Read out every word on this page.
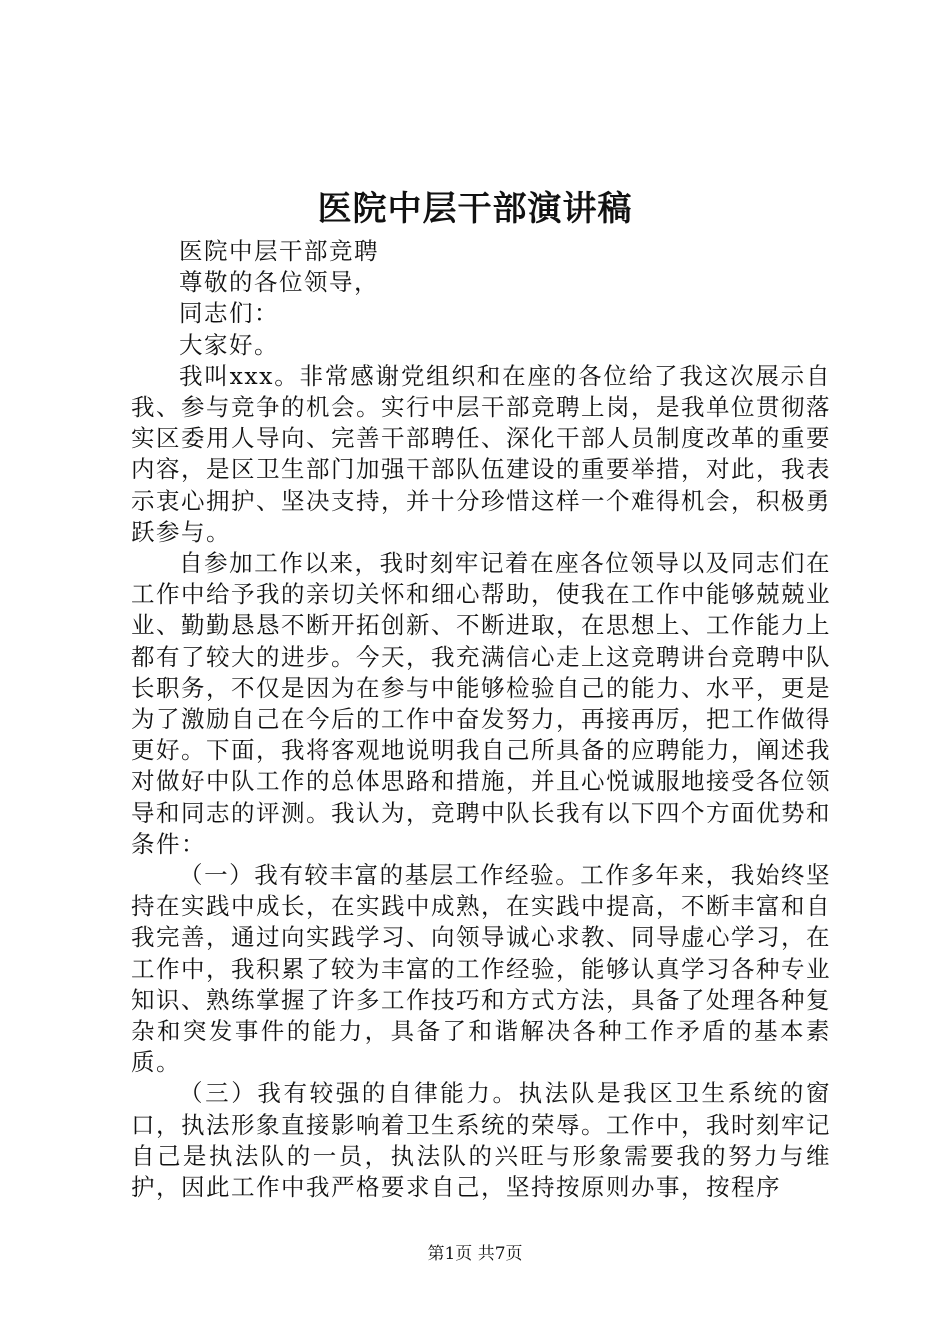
医院中层干部演讲稿

医院中层干部竞聘

尊敬的各位领导，

同志们：

大家好。

我叫xxx。非常感谢党组织和在座的各位给了我这次展示自我、参与竞争的机会。实行中层干部竞聘上岗，是我单位贯彻落实区委用人导向、完善干部聘任、深化干部人员制度改革的重要内容，是区卫生部门加强干部队伍建设的重要举措，对此，我表示衷心拥护、坚决支持，并十分珍惜这样一个难得机会，积极勇跃参与。

自参加工作以来，我时刻牢记着在座各位领导以及同志们在工作中给予我的亲切关怀和细心帮助，使我在工作中能够兢兢业业、勤勤恳恳不断开拓创新、不断进取，在思想上、工作能力上都有了较大的进步。今天，我充满信心走上这竞聘讲台竞聘中队长职务，不仅是因为在参与中能够检验自己的能力、水平，更是为了激励自己在今后的工作中奋发努力，再接再厉，把工作做得更好。下面，我将客观地说明我自己所具备的应聘能力，阐述我对做好中队工作的总体思路和措施，并且心悦诚服地接受各位领导和同志的评测。我认为，竞聘中队长我有以下四个方面优势和条件：

（一）我有较丰富的基层工作经验。工作多年来，我始终坚持在实践中成长，在实践中成熟，在实践中提高，不断丰富和自我完善，通过向实践学习、向领导诚心求教、同导虚心学习，在工作中，我积累了较为丰富的工作经验，能够认真学习各种专业知识、熟练掌握了许多工作技巧和方式方法，具备了处理各种复杂和突发事件的能力，具备了和谐解决各种工作矛盾的基本素质。

（三）我有较强的自律能力。执法队是我区卫生系统的窗口，执法形象直接影响着卫生系统的荣辱。工作中，我时刻牢记自己是执法队的一员，执法队的兴旺与形象需要我的努力与维护，因此工作中我严格要求自己，坚持按原则办事，按程序

第1页 共7页
